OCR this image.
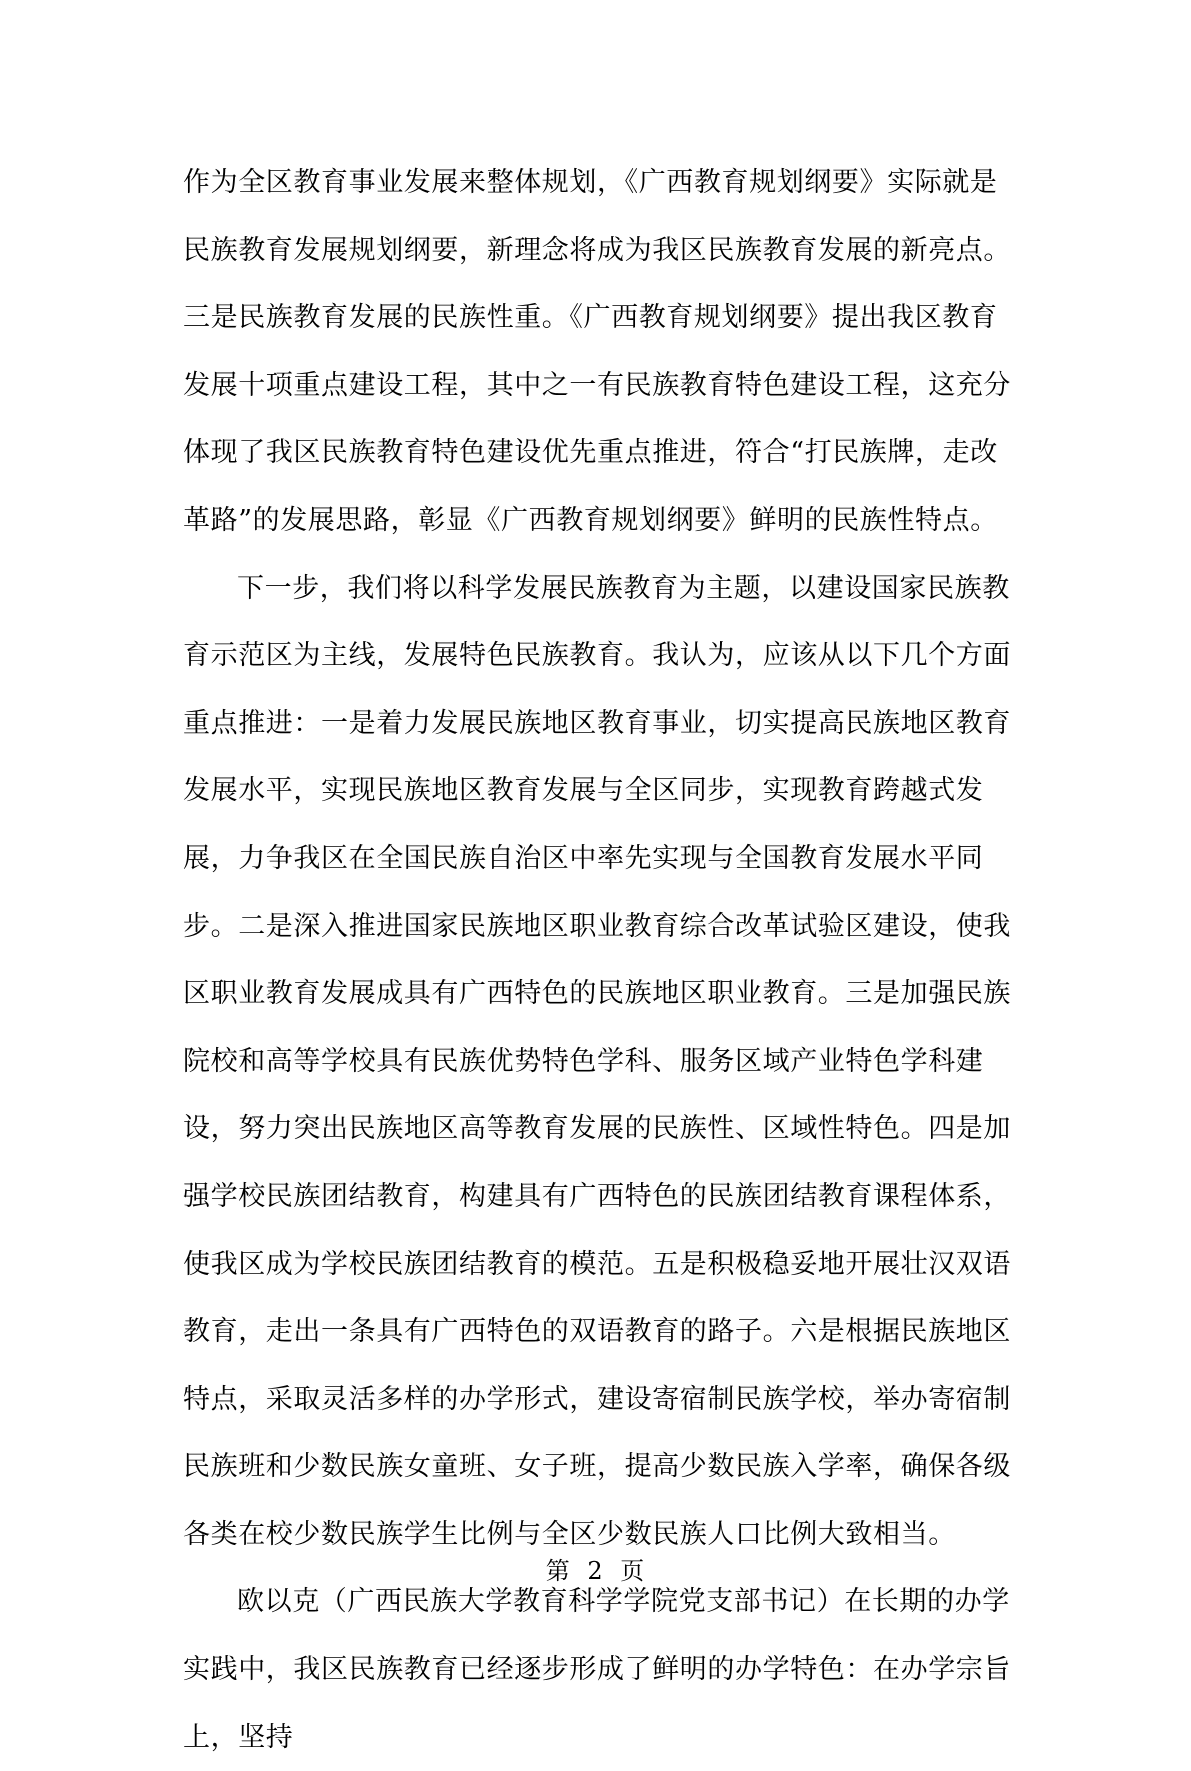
作为全区教育事业发展来整体规划，《广西教育规划纲要》实际就是民族教育发展规划纲要，新理念将成为我区民族教育发展的新亮点。三是民族教育发展的民族性重。《广西教育规划纲要》提出我区教育发展十项重点建设工程，其中之一有民族教育特色建设工程，这充分体现了我区民族教育特色建设优先重点推进，符合“打民族牌，走改革路”的发展思路，彰显《广西教育规划纲要》鲜明的民族性特点。

下一步，我们将以科学发展民族教育为主题，以建设国家民族教育示范区为主线，发展特色民族教育。我认为，应该从以下几个方面重点推进：一是着力发展民族地区教育事业，切实提高民族地区教育发展水平，实现民族地区教育发展与全区同步，实现教育跨越式发展，力争我区在全国民族自治区中率先实现与全国教育发展水平同步。二是深入推进国家民族地区职业教育综合改革试验区建设，使我区职业教育发展成具有广西特色的民族地区职业教育。三是加强民族院校和高等学校具有民族优势特色学科、服务区域产业特色学科建设，努力突出民族地区高等教育发展的民族性、区域性特色。四是加强学校民族团结教育，构建具有广西特色的民族团结教育课程体系，使我区成为学校民族团结教育的模范。五是积极稳妥地开展壮汉双语教育，走出一条具有广西特色的双语教育的路子。六是根据民族地区特点，采取灵活多样的办学形式，建设寄宿制民族学校，举办寄宿制民族班和少数民族女童班、女子班，提高少数民族入学率，确保各级各类在校少数民族学生比例与全区少数民族人口比例大致相当。

欧以克（广西民族大学教育科学学院党支部书记）在长期的办学实践中，我区民族教育已经逐步形成了鲜明的办学特色：在办学宗旨上，坚持

第 2 页
